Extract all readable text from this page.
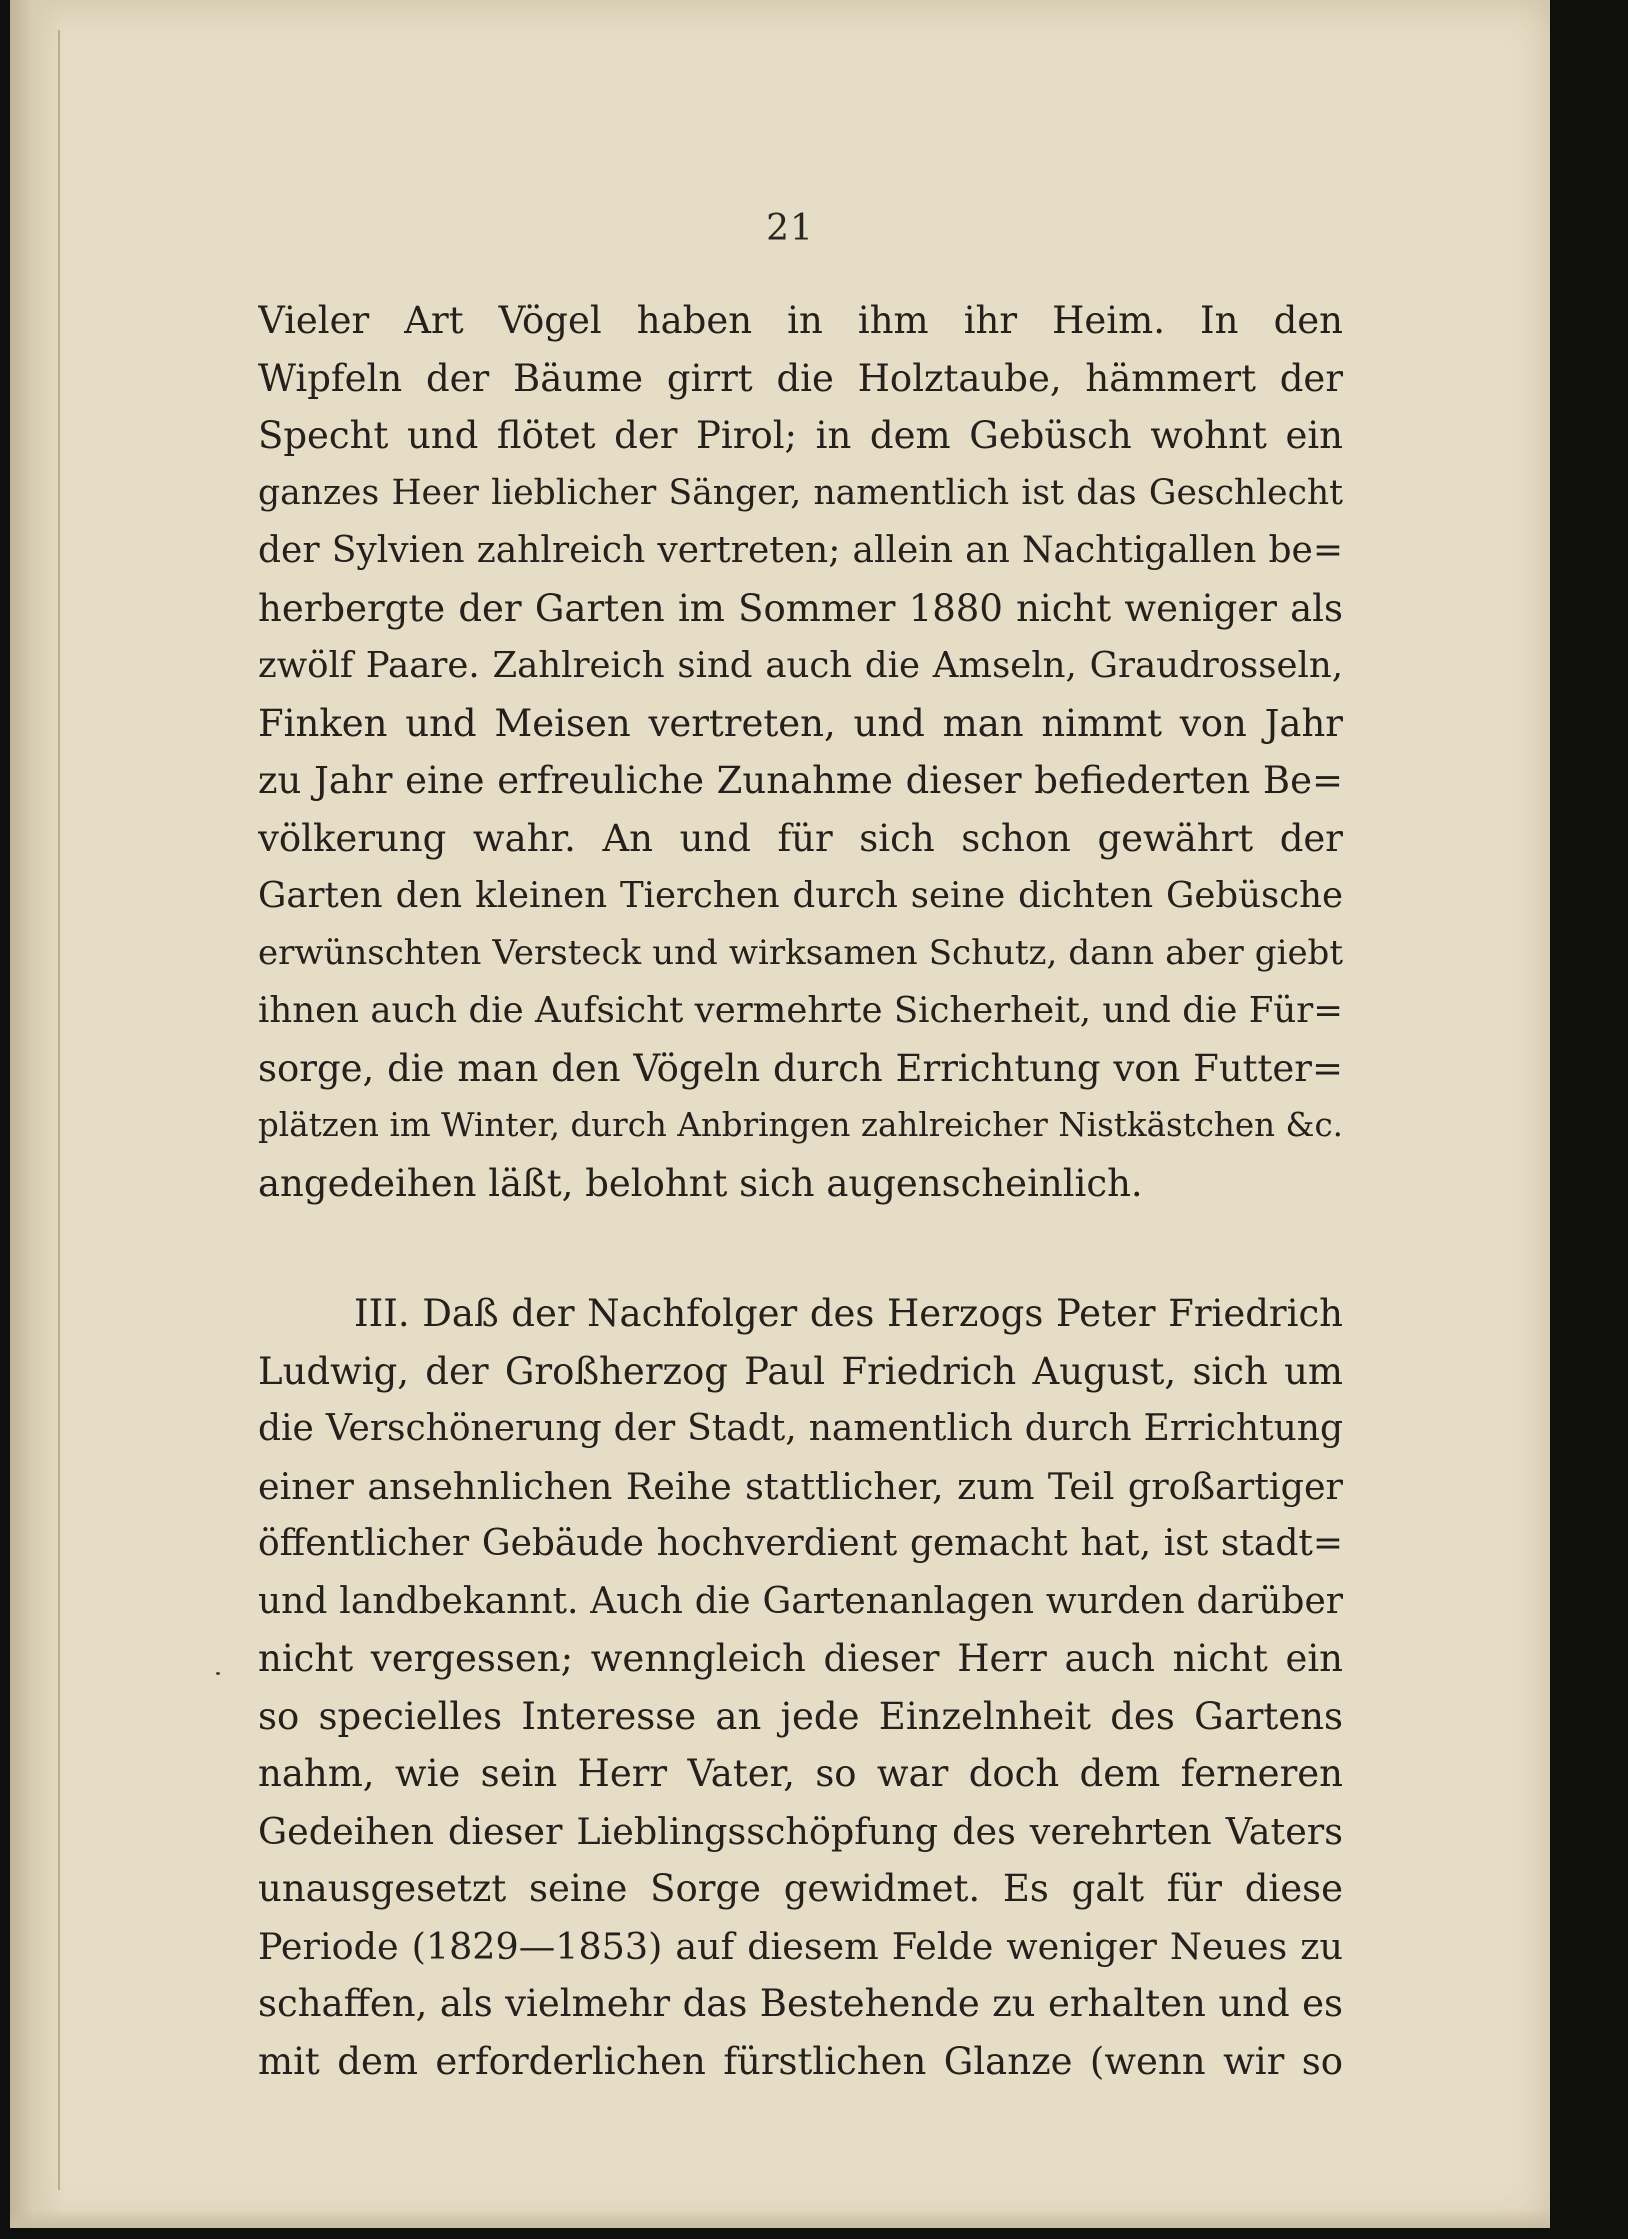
21
Vieler Art Vögel haben in ihm ihr Heim. In den
Wipfeln der Bäume girrt die Holztaube, hämmert der
Specht und flötet der Pirol; in dem Gebüsch wohnt ein
ganzes Heer lieblicher Sänger, namentlich ist das Geschlecht
der Sylvien zahlreich vertreten; allein an Nachtigallen be=
herbergte der Garten im Sommer 1880 nicht weniger als
zwölf Paare. Zahlreich sind auch die Amseln, Graudrosseln,
Finken und Meisen vertreten, und man nimmt von Jahr
zu Jahr eine erfreuliche Zunahme dieser befiederten Be=
völkerung wahr. An und für sich schon gewährt der
Garten den kleinen Tierchen durch seine dichten Gebüsche
erwünschten Versteck und wirksamen Schutz, dann aber giebt
ihnen auch die Aufsicht vermehrte Sicherheit, und die Für=
sorge, die man den Vögeln durch Errichtung von Futter=
plätzen im Winter, durch Anbringen zahlreicher Nistkästchen &c.
angedeihen läßt, belohnt sich augenscheinlich.
III. Daß der Nachfolger des Herzogs Peter Friedrich
Ludwig, der Großherzog Paul Friedrich August, sich um
die Verschönerung der Stadt, namentlich durch Errichtung
einer ansehnlichen Reihe stattlicher, zum Teil großartiger
öffentlicher Gebäude hochverdient gemacht hat, ist stadt=
und landbekannt. Auch die Gartenanlagen wurden darüber
nicht vergessen; wenngleich dieser Herr auch nicht ein
so specielles Interesse an jede Einzelnheit des Gartens
nahm, wie sein Herr Vater, so war doch dem ferneren
Gedeihen dieser Lieblingsschöpfung des verehrten Vaters
unausgesetzt seine Sorge gewidmet. Es galt für diese
Periode (1829—1853) auf diesem Felde weniger Neues zu
schaffen, als vielmehr das Bestehende zu erhalten und es
mit dem erforderlichen fürstlichen Glanze (wenn wir so
